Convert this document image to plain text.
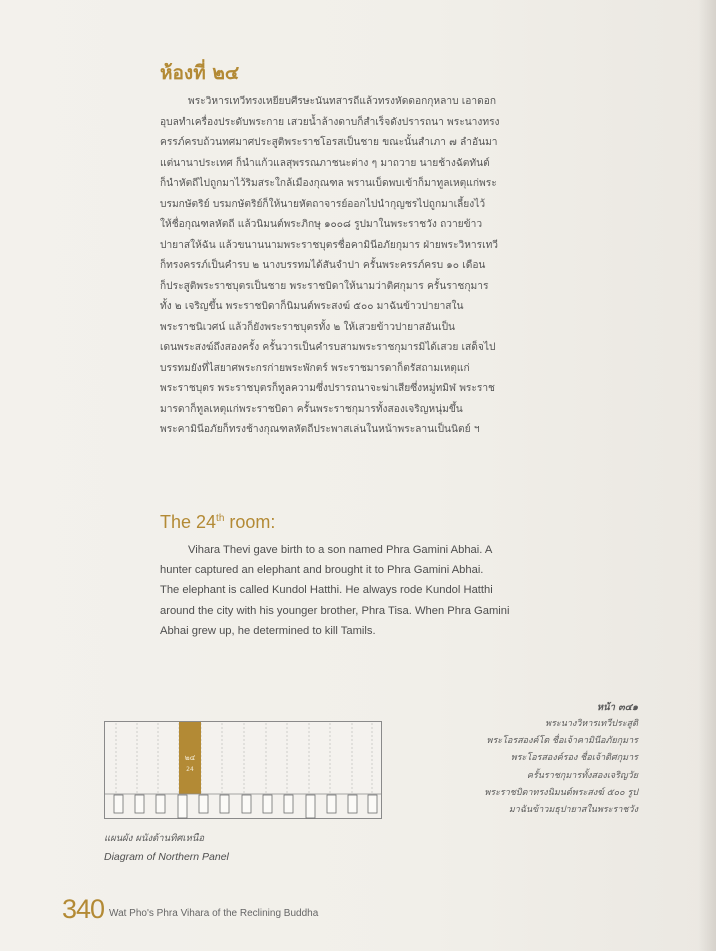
ห้องที่ ๒๔
พระวิหารเทวีทรงเหยียบศีรษะนันทสารถีแล้วทรงหัดดอกกุหลาบ เอาดอก
อุบลทำเครื่องประดับพระกาย เสวยน้ำล้างดาบก็สำเร็จดังปรารถนา พระนางทรง
ครรภ์ครบถ้วนทศมาศประสูติพระราชโอรสเป็นชาย ขณะนั้นสำเภา ๗ ลำอันมา
แต่นานาประเทศ ก็นำแก้วแลสุพรรณภาชนะต่าง ๆ มาถวาย นายช้างฉัตทันต์
ก็นำหัตถีไปถูกมาไว้ริมสระใกล้เมืองกุณฑล พรานเบ็ดพบเข้าก็มาทูลเหตุแก่พระ
บรมกษัตริย์ บรมกษัตริย์ก็ให้นายหัตถาจารย์ออกไปนำกุญชรไปถูกมาเลี้ยงไว้
ให้ชื่อกุณฑลหัตถี แล้วนิมนต์พระภิกษุ ๑๐๐๘ รูปมาในพระราชวัง ถวายข้าว
ปายาสให้ฉัน แล้วขนานนามพระราชบุตรชื่อคามินีอภัยกุมาร ฝ่ายพระวิหารเทวี
ก็ทรงครรภ์เป็นคำรบ ๒ นางบรรทมได้สันจำปา ครั้นพระครรภ์ครบ ๑๐ เดือน
ก็ประสูติพระราชบุตรเป็นชาย พระราชบิดาให้นามว่าติศกุมาร ครั้นราชกุมาร
ทั้ง ๒ เจริญขึ้น พระราชบิดาก็นิมนต์พระสงฆ์ ๕๐๐ มาฉันข้าวปายาสใน
พระราชนิเวศน์ แล้วก็ยังพระราชบุตรทั้ง ๒ ให้เสวยข้าวปายาสอันเป็น
เดนพระสงฆ์ถึงสองครั้ง ครั้นวารเป็นคำรบสามพระราชกุมารมิได้เสวย เสด็จไป
บรรทมยังที่ไสยาศพระกรก่ายพระพักตร์ พระราชมารดาก็ตรัสถามเหตุแก่
พระราชบุตร พระราชบุตรก็ทูลความซึ่งปรารถนาจะฆ่าเสียซึ่งหมู่ทมิฬ พระราช
มารดาก็ทูลเหตุแก่พระราชบิดา ครั้นพระราชกุมารทั้งสองเจริญหนุ่มขึ้น
พระคามินีอภัยก็ทรงช้างกุณฑลหัตถีประพาสเล่นในหน้าพระลานเป็นนิตย์ ฯ
The 24th room:
Vihara Thevi gave birth to a son named Phra Gamini Abhai. A
hunter captured an elephant and brought it to Phra Gamini Abhai.
The elephant is called Kundol Hatthi. He always rode Kundol Hatthi
around the city with his younger brother, Phra Tisa. When Phra Gamini
Abhai grew up, he determined to kill Tamils.
หน้า ๓๔๑
พระนางวิหารเทวีประสูติ
พระโอรสองค์โต ชื่อเจ้าคามินีอภัยกุมาร
พระโอรสองค์รอง ชื่อเจ้าติศกุมาร
ครั้นราชกุมารทั้งสองเจริญวัย
พระราชบิดาทรงนิมนต์พระสงฆ์ ๕๐๐ รูป
มาฉันข้าวมธุปายาสในพระราชวัง
๒๔
24
แผนผัง ผนังด้านทิศเหนือ
Diagram of Northern Panel
340 Wat Pho's Phra Vihara of the Reclining Buddha
